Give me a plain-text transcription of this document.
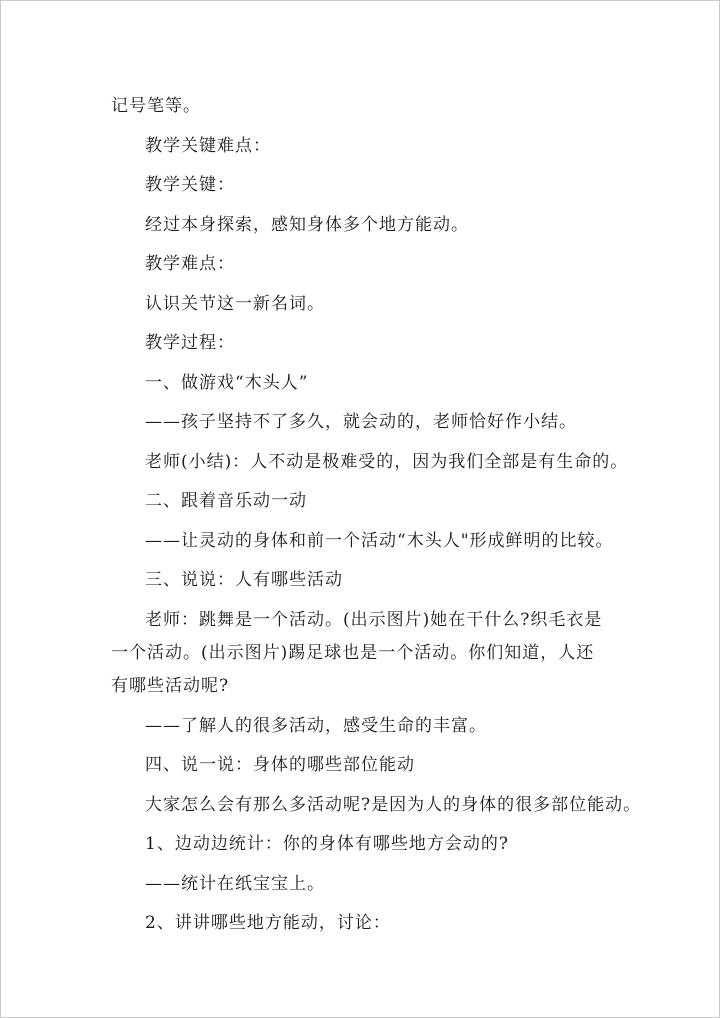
记号笔等。

教学关键难点：

教学关键：

经过本身探索，感知身体多个地方能动。

教学难点：

认识关节这一新名词。

教学过程：

一、做游戏“木头人”

——孩子坚持不了多久，就会动的，老师恰好作小结。

老师(小结)：人不动是极难受的，因为我们全部是有生命的。

二、跟着音乐动一动

——让灵动的身体和前一个活动“木头人"形成鲜明的比较。

三、说说：人有哪些活动

老师：跳舞是一个活动。(出示图片)她在干什么?织毛衣是一个活动。(出示图片)踢足球也是一个活动。你们知道，人还有哪些活动呢?

——了解人的很多活动，感受生命的丰富。

四、说一说：身体的哪些部位能动

大家怎么会有那么多活动呢?是因为人的身体的很多部位能动。

1、边动边统计：你的身体有哪些地方会动的?

——统计在纸宝宝上。

2、讲讲哪些地方能动，讨论：
